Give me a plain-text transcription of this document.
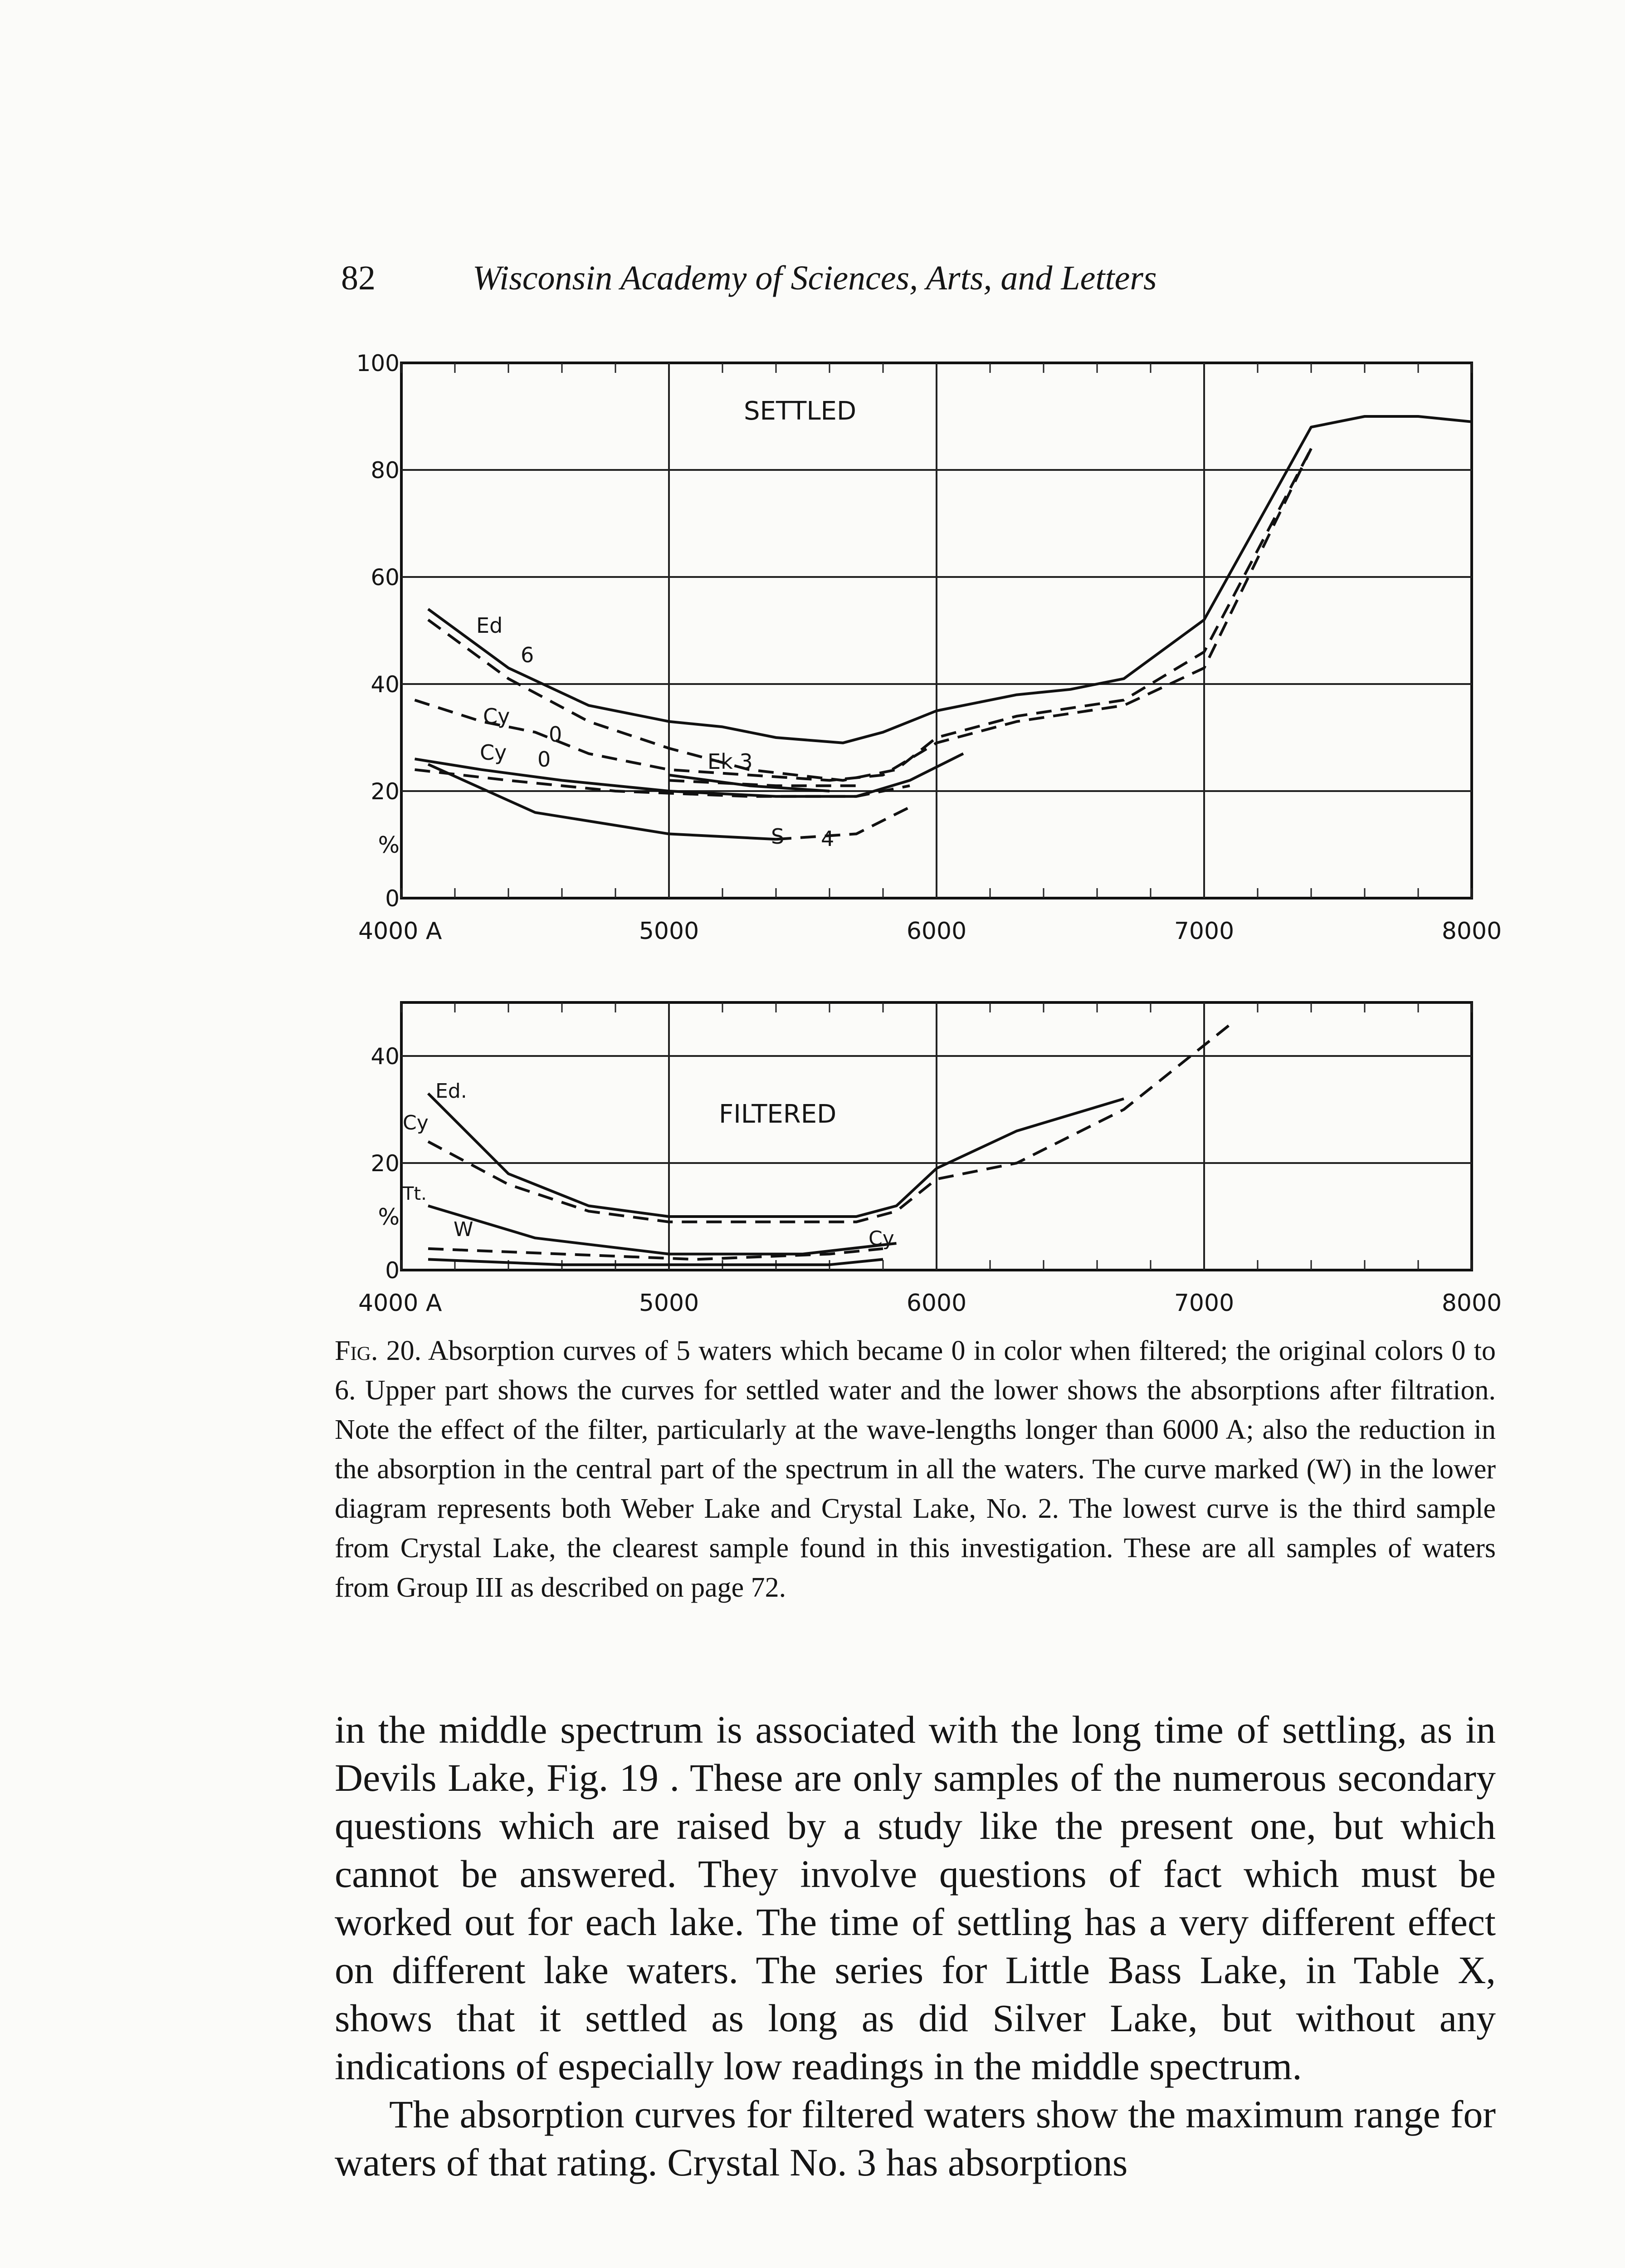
82	Wisconsin Academy of Sciences, Arts, and Letters
100
80
60
40
20
%
0
4000 A	5000	6000	7000	8000
SETTLED
Ed
6
Cy
0
Cy 0	Ek 3
S 4
40
20
%
0
4000 A	5000	6000	7000	8000
FILTERED
Ed.
Cy
Tt.
W	Cy
Fig. 20. Absorption curves of 5 waters which became 0 in color when filtered; the original colors 0 to 6. Upper part shows the curves for settled water and the lower shows the absorptions after filtration. Note the effect of the filter, particularly at the wave-lengths longer than 6000 A; also the reduction in the absorption in the central part of the spectrum in all the waters. The curve marked (W) in the lower diagram represents both Weber Lake and Crystal Lake, No. 2. The lowest curve is the third sample from Crystal Lake, the clearest sample found in this investigation. These are all samples of waters from Group III as described on page 72.

in the middle spectrum is associated with the long time of settling, as in Devils Lake, Fig. 19 . These are only samples of the numerous secondary questions which are raised by a study like the present one, but which cannot be answered. They involve questions of fact which must be worked out for each lake. The time of settling has a very different effect on different lake waters. The series for Little Bass Lake, in Table X, shows that it settled as long as did Silver Lake, but without any indications of especially low readings in the middle spectrum.

The absorption curves for filtered waters show the maximum range for waters of that rating. Crystal No. 3 has absorptions
